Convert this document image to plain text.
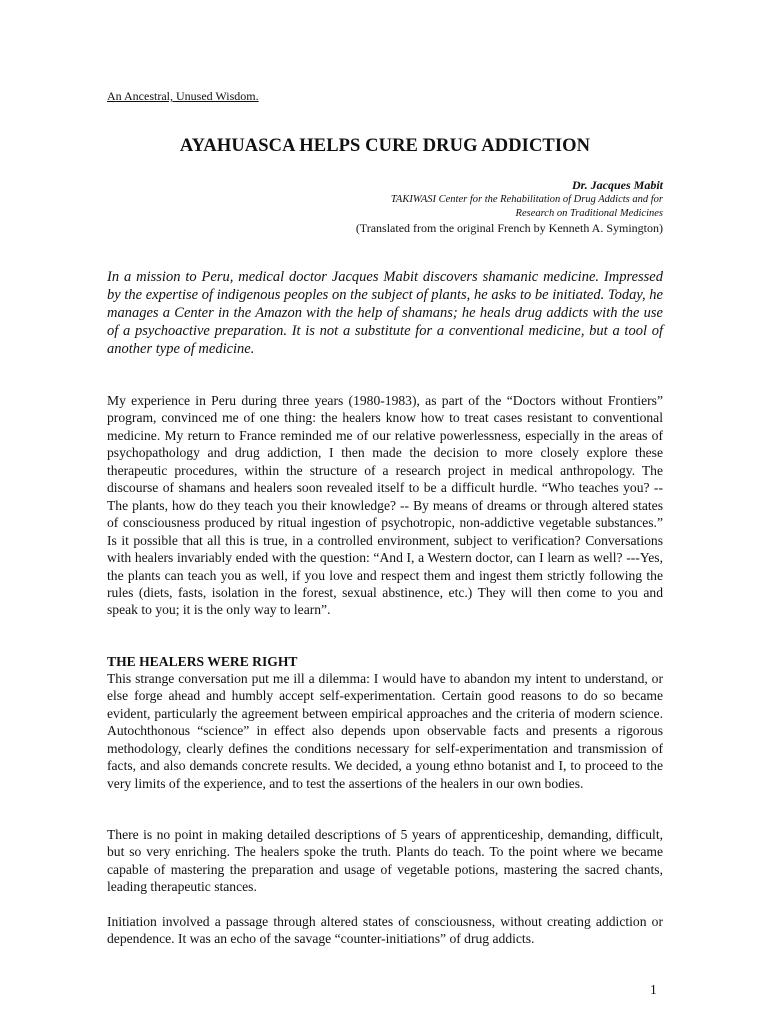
An Ancestral, Unused Wisdom.
AYAHUASCA HELPS CURE DRUG ADDICTION
Dr. Jacques Mabit
TAKIWASI Center for the Rehabilitation of Drug Addicts and for
Research on Traditional Medicines
(Translated from the original French by Kenneth A. Symington)
In a mission to Peru, medical doctor Jacques Mabit discovers shamanic medicine. Impressed by the expertise of indigenous peoples on the subject of plants, he asks to be initiated. Today, he manages a Center in the Amazon with the help of shamans; he heals drug addicts with the use of a psychoactive preparation. It is not a substitute for a conventional medicine, but a tool of another type of medicine.
My experience in Peru during three years (1980-1983), as part of the “Doctors without Frontiers” program, convinced me of one thing: the healers know how to treat cases resistant to conventional medicine. My return to France reminded me of our relative powerlessness, especially in the areas of psychopathology and drug addiction, I then made the decision to more closely explore these therapeutic procedures, within the structure of a research project in medical anthropology. The discourse of shamans and healers soon revealed itself to be a difficult hurdle. “Who teaches you? --The plants, how do they teach you their knowledge? -- By means of dreams or through altered states of consciousness produced by ritual ingestion of psychotropic, non-addictive vegetable substances.” Is it possible that all this is true, in a controlled environment, subject to verification? Conversations with healers invariably ended with the question: “And I, a Western doctor, can I learn as well? ---Yes, the plants can teach you as well, if you love and respect them and ingest them strictly following the rules (diets, fasts, isolation in the forest, sexual abstinence, etc.) They will then come to you and speak to you; it is the only way to learn”.
THE HEALERS WERE RIGHT
This strange conversation put me ill a dilemma: I would have to abandon my intent to understand, or else forge ahead and humbly accept self-experimentation. Certain good reasons to do so became evident, particularly the agreement between empirical approaches and the criteria of modern science. Autochthonous “science” in effect also depends upon observable facts and presents a rigorous methodology, clearly defines the conditions necessary for self-experimentation and transmission of facts, and also demands concrete results. We decided, a young ethno botanist and I, to proceed to the very limits of the experience, and to test the assertions of the healers in our own bodies.
There is no point in making detailed descriptions of 5 years of apprenticeship, demanding, difficult, but so very enriching. The healers spoke the truth. Plants do teach. To the point where we became capable of mastering the preparation and usage of vegetable potions, mastering the sacred chants, leading therapeutic stances.
Initiation involved a passage through altered states of consciousness, without creating addiction or dependence. It was an echo of the savage “counter-initiations” of drug addicts.
1
